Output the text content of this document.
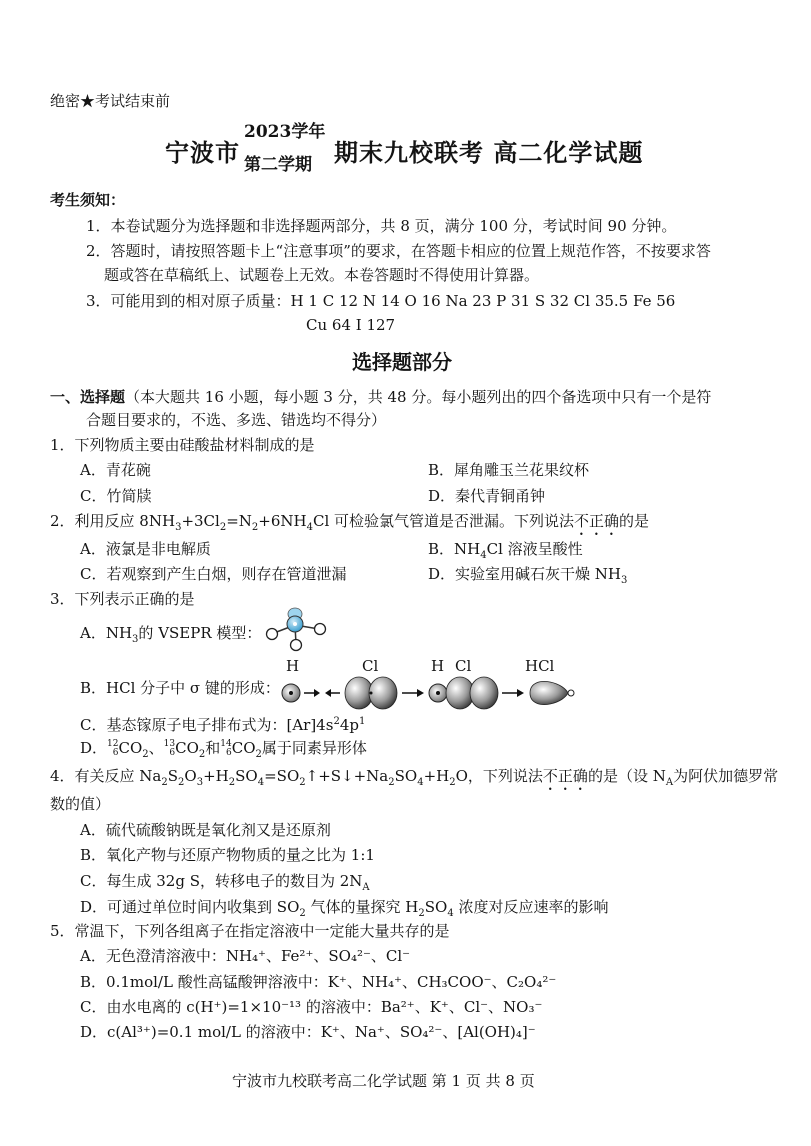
绝密★考试结束前
宁波市
2023学年
第二学期 期末九校联考 高二化学试题
考生须知：
1．本卷试题分为选择题和非选择题两部分，共 8 页，满分 100 分，考试时间 90 分钟。
2．答题时，请按照答题卡上“注意事项”的要求，在答题卡相应的位置上规范作答，不按要求答
题或答在草稿纸上、试题卷上无效。本卷答题时不得使用计算器。
3．可能用到的相对原子质量：H 1 C 12 N 14 O 16 Na 23 P 31 S 32 Cl 35.5 Fe 56
Cu 64 I 127
选择题部分
一、选择题（本大题共 16 小题，每小题 3 分，共 48 分。每小题列出的四个备选项中只有一个是符
合题目要求的，不选、多选、错选均不得分）
1．下列物质主要由硅酸盐材料制成的是
A．青花碗	B．犀角雕玉兰花果纹杯
C．竹简牍	D．秦代青铜甬钟
2．利用反应 $8NH_3+3Cl_2=N_2+6NH_4Cl$ 可检验氯气管道是否泄漏。下列说法不正确的是
A．液氯是非电解质	B．$NH_4Cl$ 溶液呈酸性
C．若观察到产生白烟，则存在管道泄漏	D．实验室用碱石灰干燥 $NH_3$
3．下列表示正确的是
A．$NH_3$的 VSEPR 模型：
H	Cl	H Cl	HCl
B．HCl 分子中 σ 键的形成：
C．基态镓原子电子排布式为：$[Ar]4s^24p^1$
D．12
$6CO_2$、13
$6CO_2$和14
$6CO_2$属于同素异形体
4．有关反应 $Na_2S_2O_3+H_2SO_4=SO_2↑+S↓+Na_2SO_4+H_2O$，下列说法不正确的是（设 $N_A$为阿伏加德罗常
数的值）
A．硫代硫酸钠既是氧化剂又是还原剂
B．氧化产物与还原产物物质的量之比为 1:1
C．每生成 32g S，转移电子的数目为 $2N_A$
D．可通过单位时间内收集到 $SO_2$ 气体的量探究 $H_2SO_4$ 浓度对反应速率的影响
5．常温下，下列各组离子在指定溶液中一定能大量共存的是
A．无色澄清溶液中：NH₄⁺、Fe²⁺、SO₄²⁻、Cl⁻
B．0.1mol/L 酸性高锰酸钾溶液中：K⁺、NH₄⁺、CH₃COO⁻、C₂O₄²⁻
C．由水电离的 c(H⁺)=1×10⁻¹³ 的溶液中：Ba²⁺、K⁺、Cl⁻、NO₃⁻
D．c(Al³⁺)=0.1 mol/L 的溶液中：K⁺、Na⁺、SO₄²⁻、[Al(OH)₄]⁻
宁波市九校联考高二化学试题 第 1 页 共 8 页
